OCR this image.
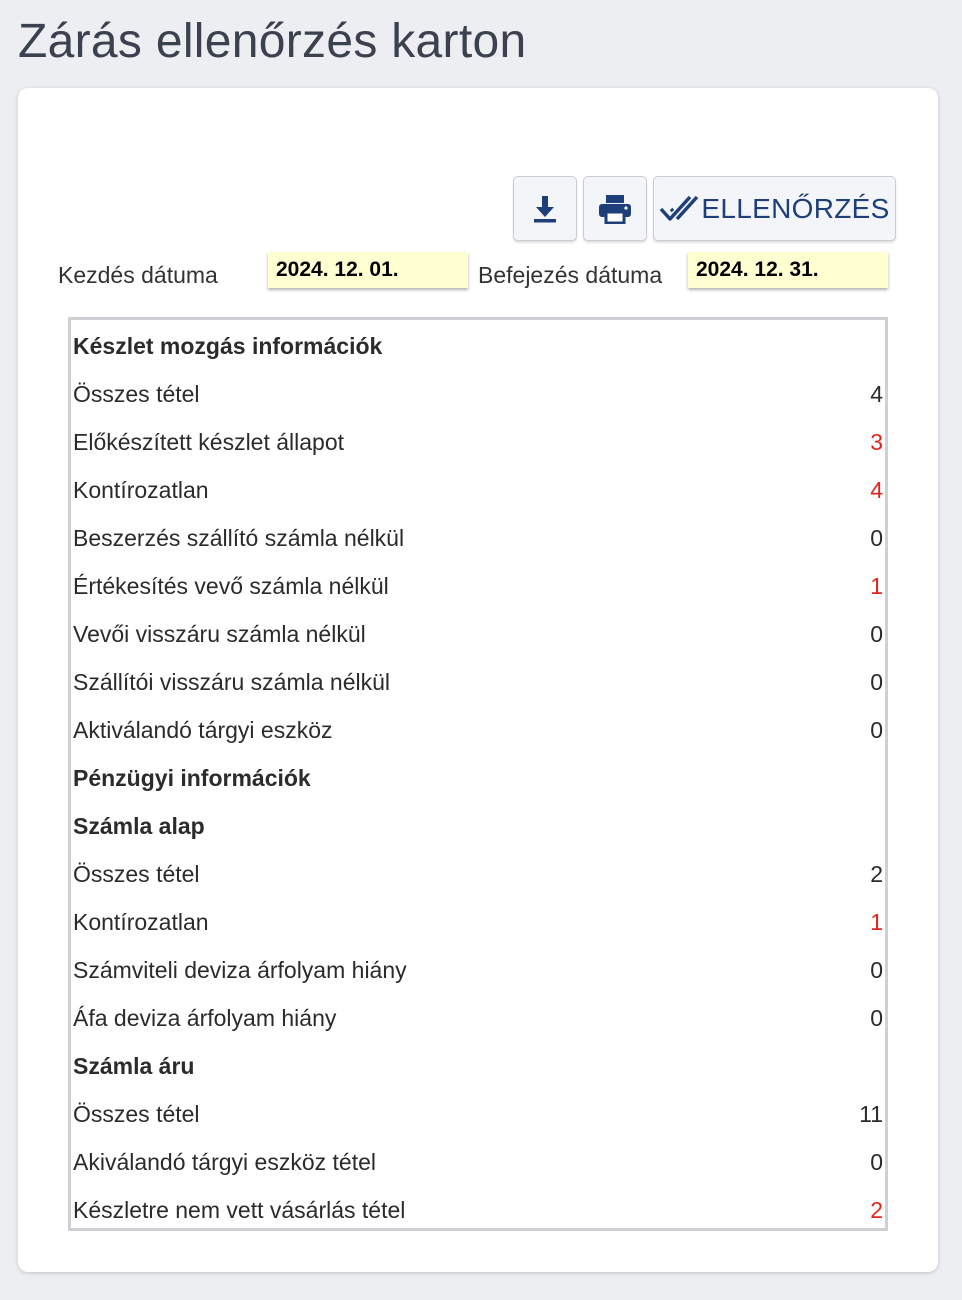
Zárás ellenőrzés karton
ELLENŐRZÉS
Kezdés dátuma	2024. 12. 01.	Befejezés dátuma	2024. 12. 31.
Készlet mozgás információk
Összes tétel	4
Előkészített készlet állapot	3
Kontírozatlan	4
Beszerzés szállító számla nélkül	0
Értékesítés vevő számla nélkül	1
Vevői visszáru számla nélkül	0
Szállítói visszáru számla nélkül	0
Aktiválandó tárgyi eszköz	0
Pénzügyi információk
Számla alap
Összes tétel	2
Kontírozatlan	1
Számviteli deviza árfolyam hiány	0
Áfa deviza árfolyam hiány	0
Számla áru
Összes tétel	11
Akiválandó tárgyi eszköz tétel	0
Készletre nem vett vásárlás tétel	2
